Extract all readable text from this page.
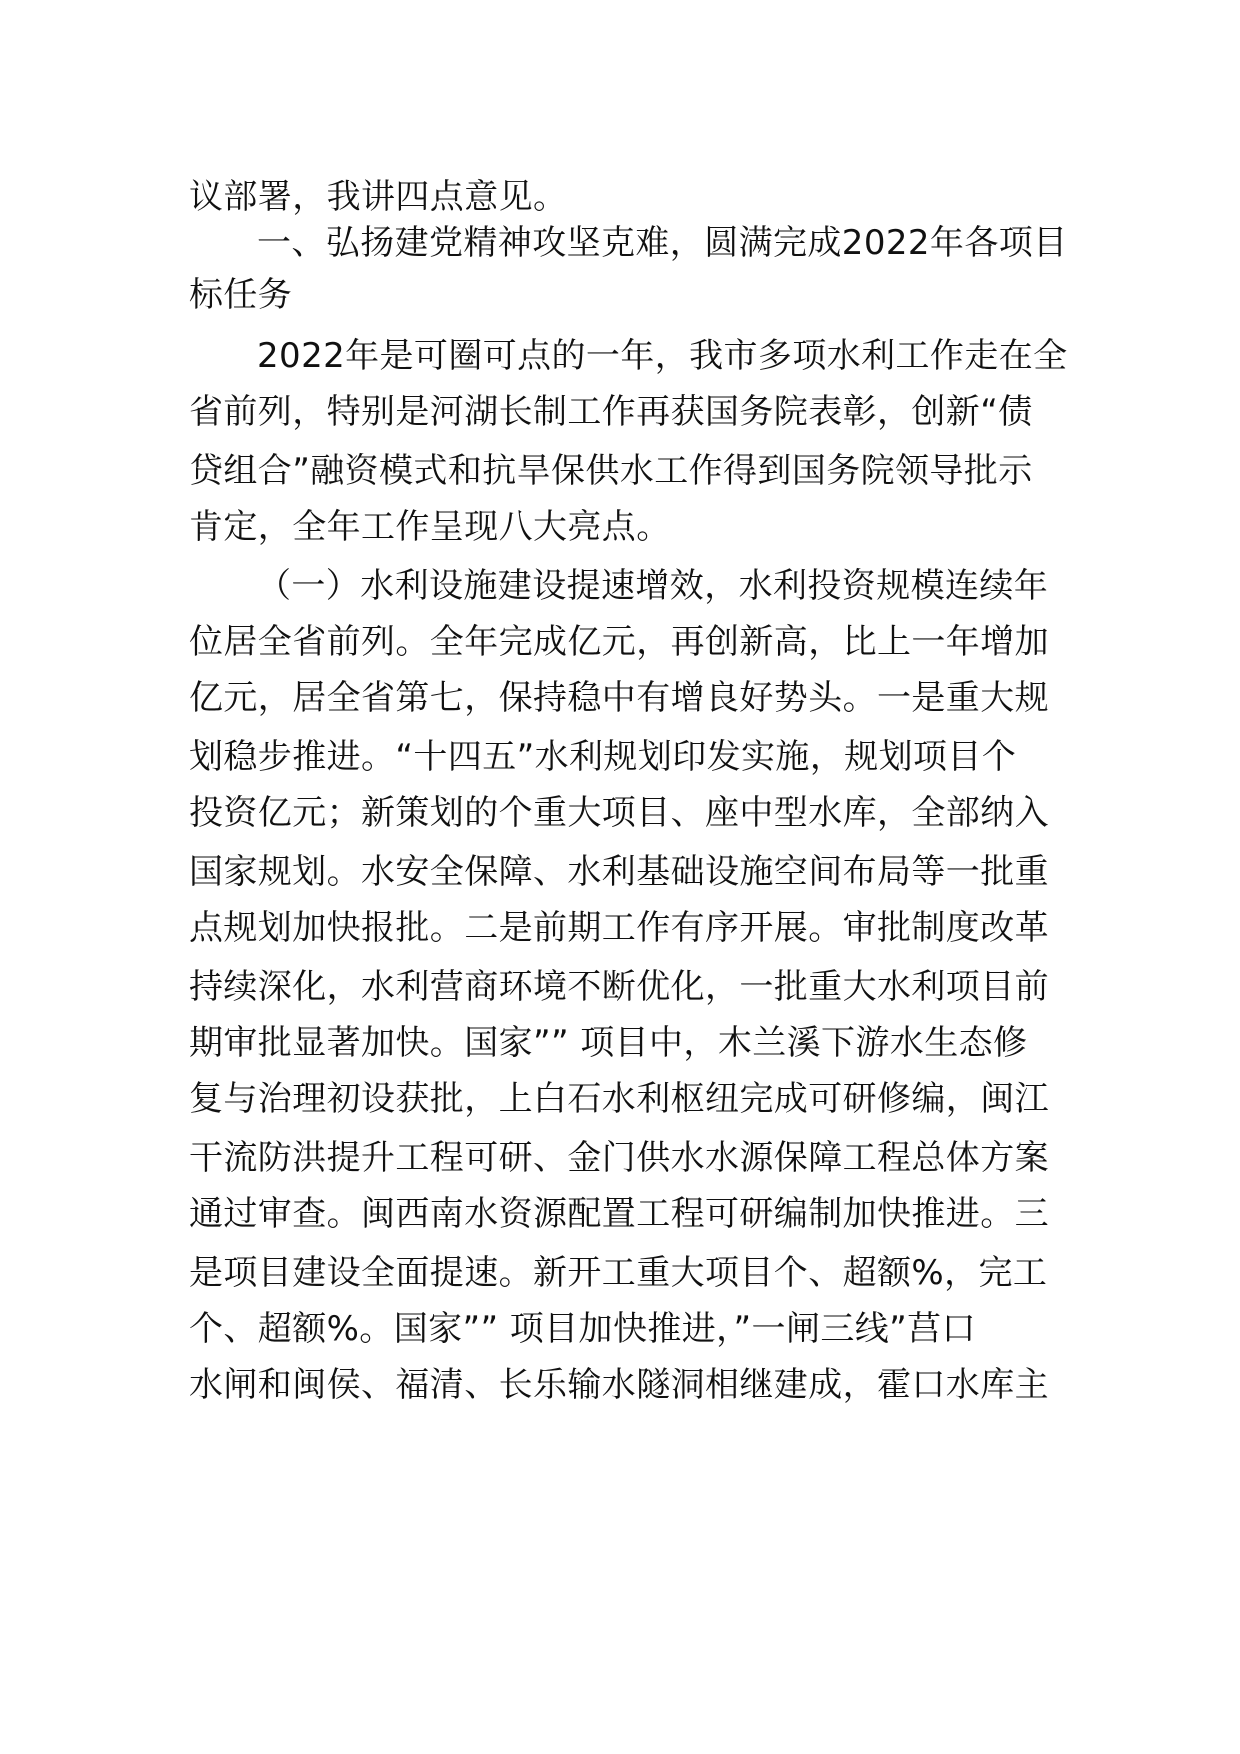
议部署，我讲四点意见。
一、弘扬建党精神攻坚克难，圆满完成2022年各项目
标任务
2022年是可圈可点的一年，我市多项水利工作走在全
省前列，特别是河湖长制工作再获国务院表彰，创新“债
贷组合”融资模式和抗旱保供水工作得到国务院领导批示
肯定，全年工作呈现八大亮点。
（一）水利设施建设提速增效，水利投资规模连续年
位居全省前列。全年完成亿元，再创新高，比上一年增加
亿元，居全省第七，保持稳中有增良好势头。一是重大规
划稳步推进。“十四五”水利规划印发实施，规划项目个
投资亿元；新策划的个重大项目、座中型水库，全部纳入
国家规划。水安全保障、水利基础设施空间布局等一批重
点规划加快报批。二是前期工作有序开展。审批制度改革
持续深化，水利营商环境不断优化，一批重大水利项目前
期审批显著加快。国家”” 项目中，木兰溪下游水生态修
复与治理初设获批，上白石水利枢纽完成可研修编，闽江
干流防洪提升工程可研、金门供水水源保障工程总体方案
通过审查。闽西南水资源配置工程可研编制加快推进。三
是项目建设全面提速。新开工重大项目个、超额%，完工
个、超额%。国家”” 项目加快推进，”一闸三线”莒口
水闸和闽侯、福清、长乐输水隧洞相继建成，霍口水库主
